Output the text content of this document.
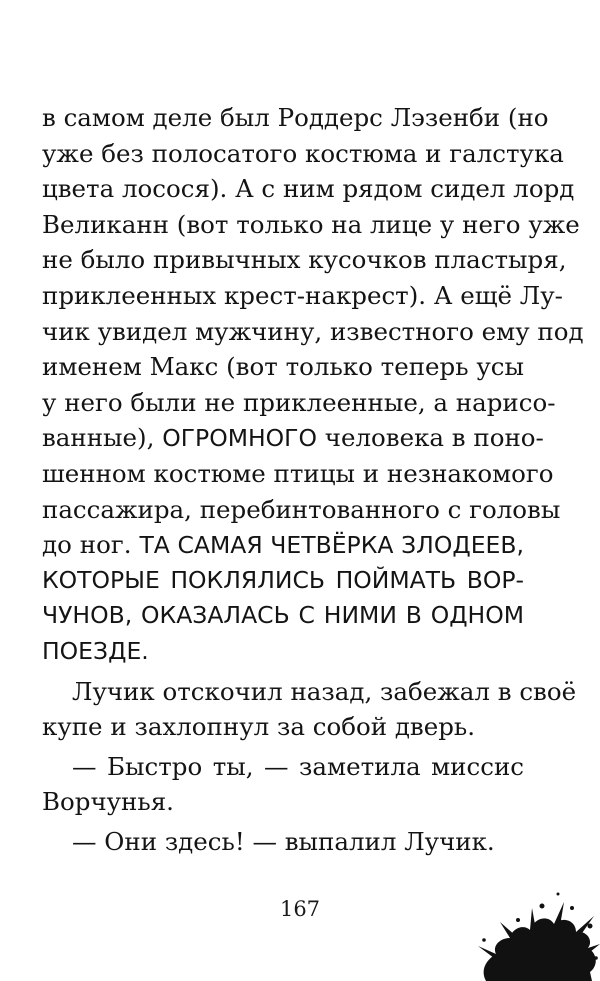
в самом деле был Роддерс Лэзенби (но
уже без полосатого костюма и галстука
цвета лосося). А с ним рядом сидел лорд
Великанн (вот только на лице у него уже
не было привычных кусочков пластыря,
приклеенных крест-накрест). А ещё Лу-
чик увидел мужчину, известного ему под
именем Макс (вот только теперь усы
у него были не приклеенные, а нарисо-
ванные), ОГРОМНОГО человека в поно-
шенном костюме птицы и незнакомого
пассажира, перебинтованного с головы
до ног. ТА САМАЯ ЧЕТВЁРКА ЗЛОДЕЕВ,
КОТОРЫЕ ПОКЛЯЛИСЬ ПОЙМАТЬ ВОР-
ЧУНОВ, ОКАЗАЛАСЬ С НИМИ В ОДНОМ
ПОЕЗДЕ.
Лучик отскочил назад, забежал в своё
купе и захлопнул за собой дверь.
— Быстро ты, — заметила миссис
Ворчунья.
— Они здесь! — выпалил Лучик.
167
